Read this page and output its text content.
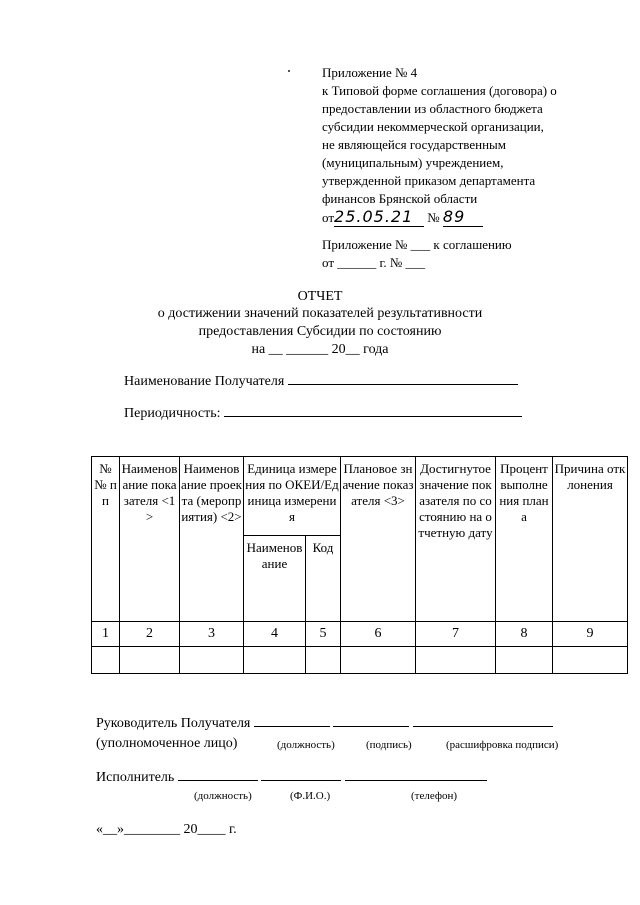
Приложение № 4
к Типовой форме соглашения (договора) о
предоставлении из областного бюджета
субсидии некоммерческой организации,
не являющейся государственным
(муниципальным) учреждением,
утвержденной приказом департамента
финансов Брянской области
от25.05.21 № 89
Приложение № ___ к соглашению
от ______ г. № ___
ОТЧЕТ
о достижении значений показателей результативности
предоставления Субсидии по состоянию
на __ ______ 20__ года
Наименование Получателя
Периодичность:
№ № пп	Наименование показателя <1>	Наименование проекта (мероприятия) <2>	Единица измерения по ОКЕИ/Единица измерения		Плановое значение показателя <3>	Достигнутое значение показателя по состоянию на отчетную дату	Процент выполнения плана	Причина отклонения
			Наименование	Код				
1	2	3	4	5	6	7	8	9

Руководитель Получателя
(уполномоченное лицо)	(должность)	(подпись)	(расшифровка подписи)
Исполнитель
(должность)	(Ф.И.О.)	(телефон)
«__»________ 20____ г.
